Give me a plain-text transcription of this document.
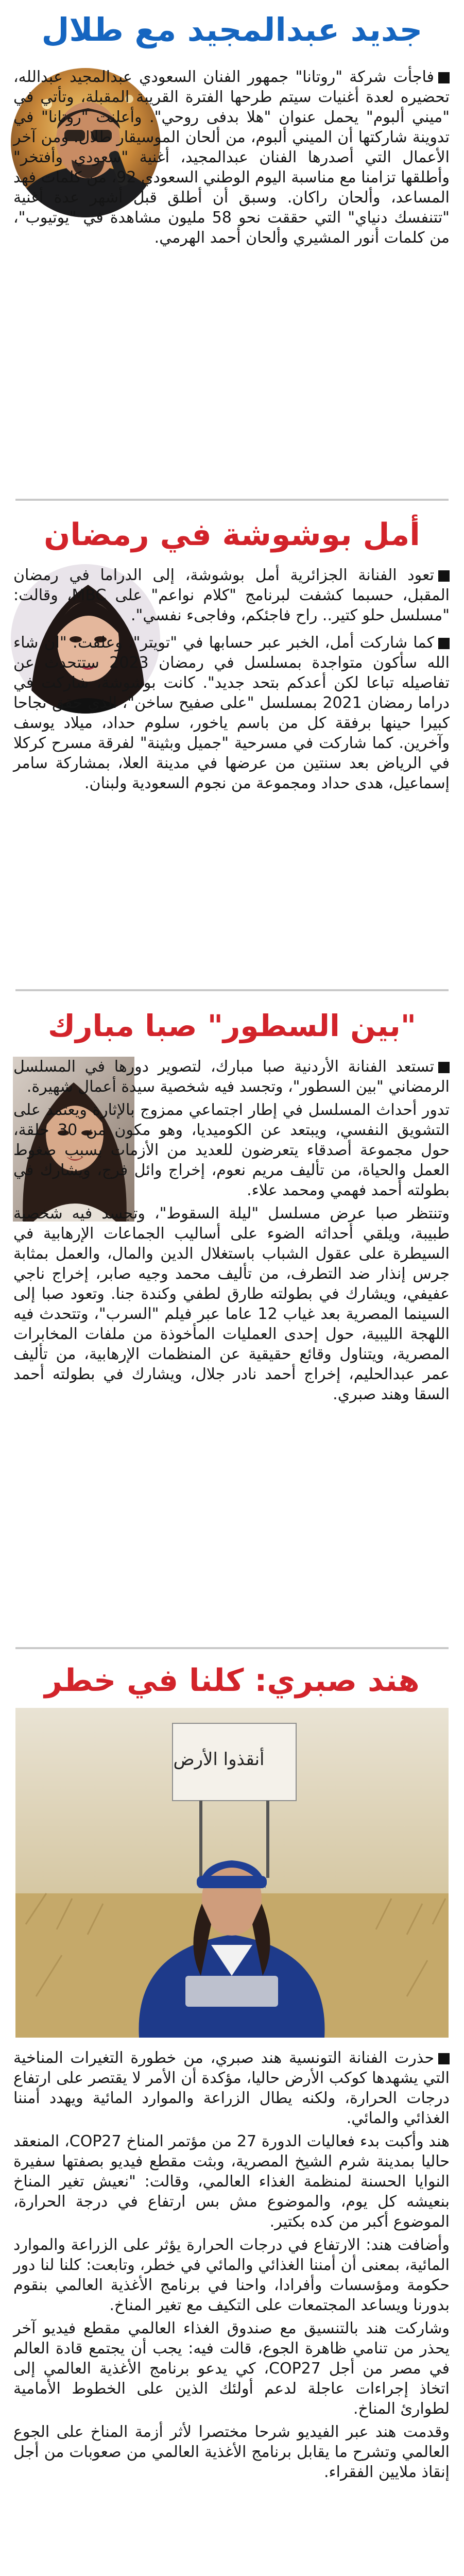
جديد عبدالمجيد مع طلال

فاجأت شركة "روتانا" جمهور الفنان السعودي عبدالمجيد عبدالله، تحضيره لعدة أغنيات سيتم طرحها الفترة القريبة المقبلة، وتأتي في "ميني ألبوم" يحمل عنوان "هلا بدفى روحي". وأعلنت "روتانا" في تدوينة شاركتها أن الميني ألبوم، من ألحان الموسيقار طلال. ومن آخر الأعمال التي أصدرها الفنان عبدالمجيد، أغنية "سعودي وأفتخر" وأطلقها تزامنا مع مناسبة اليوم الوطني السعودي 92، من كلمات فهد المساعد، وألحان راكان. وسبق أن أطلق قبل أشهر عدة أغنية "تتنفسك دنياي" التي حققت نحو 58 مليون مشاهدة في "يوتيوب"، من كلمات أنور المشيري وألحان أحمد الهرمي.

أمل بوشوشة في رمضان

تعود الفنانة الجزائرية أمل بوشوشة، إلى الدراما في رمضان المقبل، حسبما كشفت لبرنامج "كلام نواعم" على MBC، وقالت: "مسلسل حلو كتير.. راح فاجئكم، وفاجىء نفسي".

كما شاركت أمل، الخبر عبر حسابها في "تويتر"، وعلقت: "ان شاء الله سأكون متواجدة بمسلسل في رمضان 2023 ستتحدث عن تفاصيله تباعا لكن أعدكم بتحد جديد". كانت بوشوشة، شاركت في دراما رمضان 2021 بمسلسل "على صفيح ساخن"، الذي حقق نجاحا كبيرا حينها برفقة كل من باسم ياخور، سلوم حداد، ميلاد يوسف وآخرين. كما شاركت في مسرحية "جميل وبثينة" لفرقة مسرح كركلا في الرياض بعد سنتين من عرضها في مدينة العلا، بمشاركة سامر إسماعيل، هدى حداد ومجموعة من نجوم السعودية ولبنان.

"بين السطور" صبا مبارك

تستعد الفنانة الأردنية صبا مبارك، لتصوير دورها في المسلسل الرمضاني "بين السطور"، وتجسد فيه شخصية سيدة أعمال شهيرة.

تدور أحداث المسلسل في إطار اجتماعي ممزوج بالإثارة ويعتمد على التشويق النفسي، ويبتعد عن الكوميديا، وهو مكون من 30 حلقة، حول مجموعة أصدقاء يتعرضون للعديد من الأزمات بسبب ضغوط العمل والحياة، من تأليف مريم نعوم، إخراج وائل فرج، ويشارك في بطولته أحمد فهمي ومحمد علاء.

وتنتظر صبا عرض مسلسل "ليلة السقوط"، وتجسد فيه شخصية طبيبة، ويلقي أحداثه الضوء على أساليب الجماعات الإرهابية في السيطرة على عقول الشباب باستغلال الدين والمال، والعمل بمثابة جرس إنذار ضد التطرف، من تأليف محمد وجيه صابر، إخراج ناجي عفيفي، ويشارك في بطولته طارق لطفي وكندة جنا. وتعود صبا إلى السينما المصرية بعد غياب 12 عاما عبر فيلم "السرب"، وتتحدث فيه اللهجة الليبية، حول إحدى العمليات المأخوذة من ملفات المخابرات المصرية، ويتناول وقائع حقيقية عن المنظمات الإرهابية، من تأليف عمر عبدالحليم، إخراج أحمد نادر جلال، ويشارك في بطولته أحمد السقا وهند صبري.

هند صبري: كلنا في خطر
أنقذوا الأرض

حذرت الفنانة التونسية هند صبري، من خطورة التغيرات المناخية التي يشهدها كوكب الأرض حاليا، مؤكدة أن الأمر لا يقتصر على ارتفاع درجات الحرارة، ولكنه يطال الزراعة والموارد المائية ويهدد أمننا الغذائي والمائي.

هند وأكبت بدء فعاليات الدورة 27 من مؤتمر المناخ COP27، المنعقد حاليا بمدينة شرم الشيخ المصرية، وبثت مقطع فيديو بصفتها سفيرة النوايا الحسنة لمنظمة الغذاء العالمي، وقالت: "نعيش تغير المناخ بنعيشه كل يوم، والموضوع مش بس ارتفاع في درجة الحرارة، الموضوع أكبر من كده بكتير.

وأضافت هند: الارتفاع في درجات الحرارة يؤثر على الزراعة والموارد المائية، بمعنى أن أمننا الغذائي والمائي في خطر، وتابعت: كلنا لنا دور حكومة ومؤسسات وأفرادا، واحنا في برنامج الأغذية العالمي بنقوم بدورنا ويساعد المجتمعات على التكيف مع تغير المناخ.

وشاركت هند بالتنسيق مع صندوق الغذاء العالمي مقطع فيديو آخر يحذر من تنامي ظاهرة الجوع، قالت فيه: يجب أن يجتمع قادة العالم في مصر من أجل COP27، كي يدعو برنامج الأغذية العالمي إلى اتخاذ إجراءات عاجلة لدعم أولئك الذين على الخطوط الأمامية لطوارئ المناخ.

وقدمت هند عبر الفيديو شرحا مختصرا لأثر أزمة المناخ على الجوع العالمي وتشرح ما يقابل برنامج الأغذية العالمي من صعوبات من أجل إنقاذ ملايين الفقراء.
